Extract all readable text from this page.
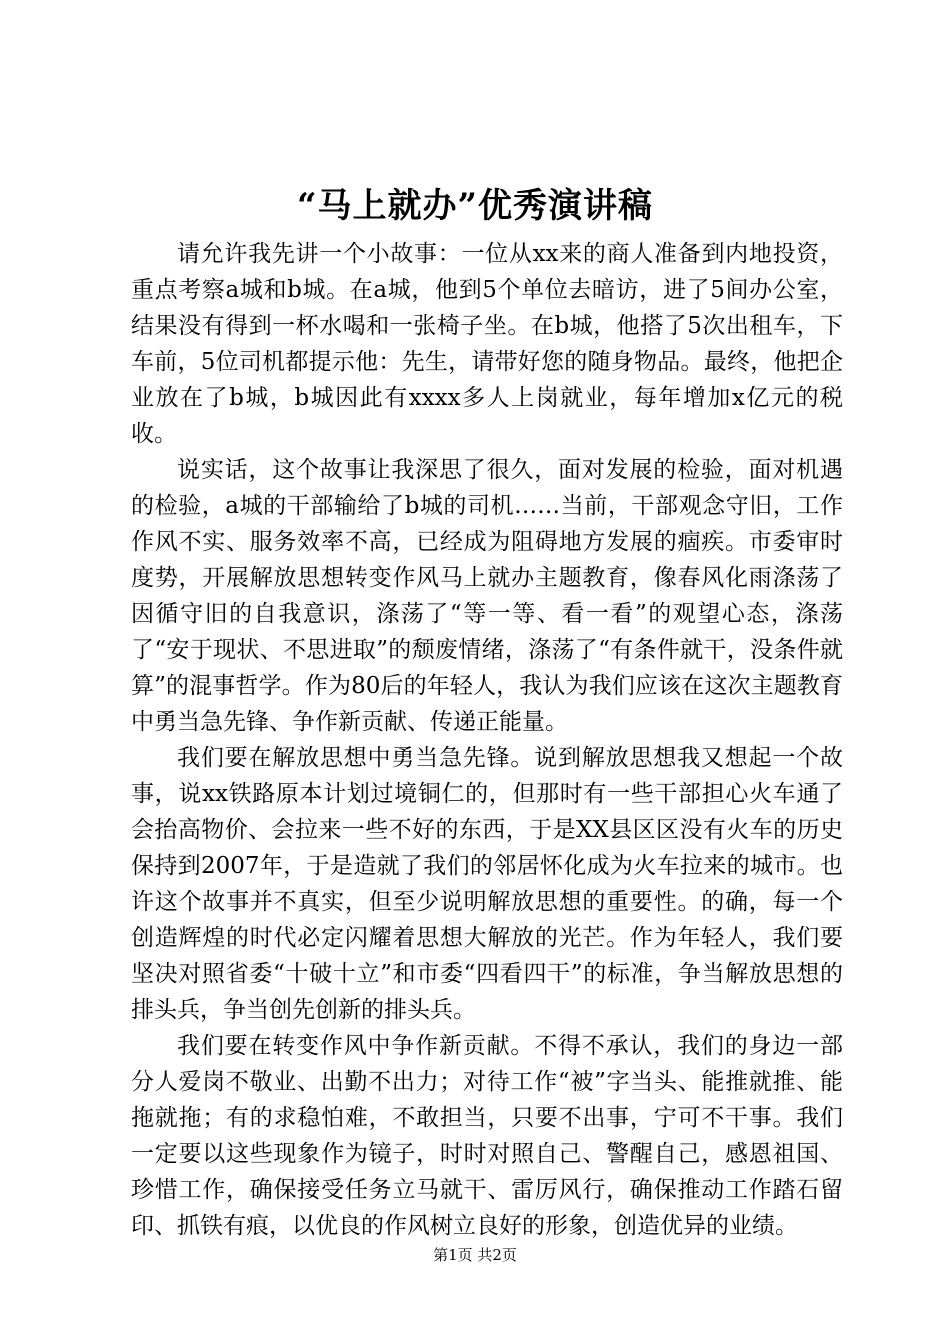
“马上就办”优秀演讲稿

请允许我先讲一个小故事：一位从xx来的商人准备到内地投资，重点考察a城和b城。在a城，他到5个单位去暗访，进了5间办公室，结果没有得到一杯水喝和一张椅子坐。在b城，他搭了5次出租车，下车前，5位司机都提示他：先生，请带好您的随身物品。最终，他把企业放在了b城，b城因此有xxxx多人上岗就业，每年增加x亿元的税收。

说实话，这个故事让我深思了很久，面对发展的检验，面对机遇的检验，a城的干部输给了b城的司机……当前，干部观念守旧，工作作风不实、服务效率不高，已经成为阻碍地方发展的痼疾。市委审时度势，开展解放思想转变作风马上就办主题教育，像春风化雨涤荡了因循守旧的自我意识，涤荡了“等一等、看一看”的观望心态，涤荡了“安于现状、不思进取”的颓废情绪，涤荡了“有条件就干，没条件就算”的混事哲学。作为80后的年轻人，我认为我们应该在这次主题教育中勇当急先锋、争作新贡献、传递正能量。

我们要在解放思想中勇当急先锋。说到解放思想我又想起一个故事，说xx铁路原本计划过境铜仁的，但那时有一些干部担心火车通了会抬高物价、会拉来一些不好的东西，于是XX县区区没有火车的历史保持到2007年，于是造就了我们的邻居怀化成为火车拉来的城市。也许这个故事并不真实，但至少说明解放思想的重要性。的确，每一个创造辉煌的时代必定闪耀着思想大解放的光芒。作为年轻人，我们要坚决对照省委“十破十立”和市委“四看四干”的标准，争当解放思想的排头兵，争当创先创新的排头兵。

我们要在转变作风中争作新贡献。不得不承认，我们的身边一部分人爱岗不敬业、出勤不出力；对待工作“被”字当头、能推就推、能拖就拖；有的求稳怕难，不敢担当，只要不出事，宁可不干事。我们一定要以这些现象作为镜子，时时对照自己、警醒自己，感恩祖国、珍惜工作，确保接受任务立马就干、雷厉风行，确保推动工作踏石留印、抓铁有痕，以优良的作风树立良好的形象，创造优异的业绩。

第1页 共2页
